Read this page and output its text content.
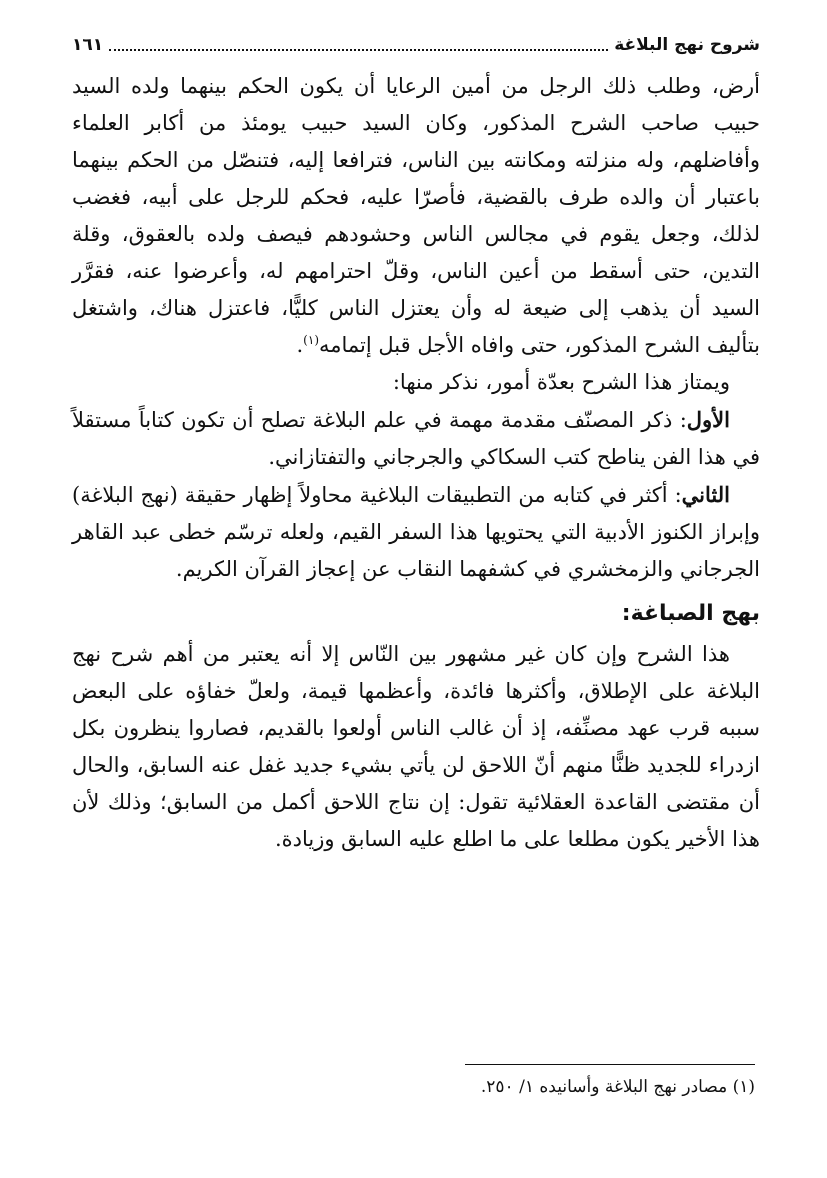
شروح نهج البلاغة
١٦١

أرض، وطلب ذلك الرجل من أمين الرعايا أن يكون الحكم بينهما ولده السيد حبيب صاحب الشرح المذكور، وكان السيد حبيب يومئذ من أكابر العلماء وأفاضلهم، وله منزلته ومكانته بين الناس، فترافعا إليه، فتنصّل من الحكم بينهما باعتبار أن والده طرف بالقضية، فأصرّا عليه، فحكم للرجل على أبيه، فغضب لذلك، وجعل يقوم في مجالس الناس وحشودهم فيصف ولده بالعقوق، وقلة التدين، حتى أسقط من أعين الناس، وقلّ احترامهم له، وأعرضوا عنه، فقرَّر السيد أن يذهب إلى ضيعة له وأن يعتزل الناس كليًّا، فاعتزل هناك، واشتغل بتأليف الشرح المذكور، حتى وافاه الأجل قبل إتمامه$^{(١)}$.

ويمتاز هذا الشرح بعدّة أمور، نذكر منها:

الأول: ذكر المصنّف مقدمة مهمة في علم البلاغة تصلح أن تكون كتاباً مستقلاً في هذا الفن يناطح كتب السكاكي والجرجاني والتفتازاني.

الثاني: أكثر في كتابه من التطبيقات البلاغية محاولاً إظهار حقيقة (نهج البلاغة) وإبراز الكنوز الأدبية التي يحتويها هذا السفر القيم، ولعله ترسّم خطى عبد القاهر الجرجاني والزمخشري في كشفهما النقاب عن إعجاز القرآن الكريم.

بهج الصباغة:

هذا الشرح وإن كان غير مشهور بين النّاس إلا أنه يعتبر من أهم شرح نهج البلاغة على الإطلاق، وأكثرها فائدة، وأعظمها قيمة، ولعلّ خفاؤه على البعض سببه قرب عهد مصنِّفه، إذ أن غالب الناس أولعوا بالقديم، فصاروا ينظرون بكل ازدراء للجديد ظنًّا منهم أنّ اللاحق لن يأتي بشيء جديد غفل عنه السابق، والحال أن مقتضى القاعدة العقلائية تقول: إن نتاج اللاحق أكمل من السابق؛ وذلك لأن هذا الأخير يكون مطلعا على ما اطلع عليه السابق وزيادة.

(١) مصادر نهج البلاغة وأسانيده ١/ ٢٥٠.
